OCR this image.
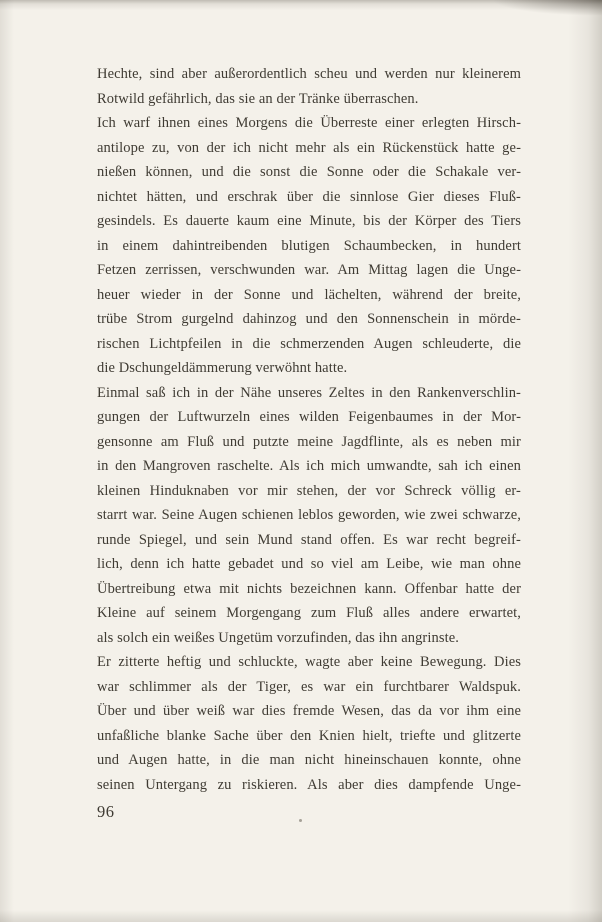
Hechte, sind aber außerordentlich scheu und werden nur kleinerem
Rotwild gefährlich, das sie an der Tränke überraschen.
Ich warf ihnen eines Morgens die Überreste einer erlegten Hirsch-
antilope zu, von der ich nicht mehr als ein Rückenstück hatte ge-
nießen können, und die sonst die Sonne oder die Schakale ver-
nichtet hätten, und erschrak über die sinnlose Gier dieses Fluß-
gesindels. Es dauerte kaum eine Minute, bis der Körper des Tiers
in einem dahintreibenden blutigen Schaumbecken, in hundert
Fetzen zerrissen, verschwunden war. Am Mittag lagen die Unge-
heuer wieder in der Sonne und lächelten, während der breite,
trübe Strom gurgelnd dahinzog und den Sonnenschein in mörde-
rischen Lichtpfeilen in die schmerzenden Augen schleuderte, die
die Dschungeldämmerung verwöhnt hatte.
Einmal saß ich in der Nähe unseres Zeltes in den Rankenverschlin-
gungen der Luftwurzeln eines wilden Feigenbaumes in der Mor-
gensonne am Fluß und putzte meine Jagdflinte, als es neben mir
in den Mangroven raschelte. Als ich mich umwandte, sah ich einen
kleinen Hinduknaben vor mir stehen, der vor Schreck völlig er-
starrt war. Seine Augen schienen leblos geworden, wie zwei schwarze,
runde Spiegel, und sein Mund stand offen. Es war recht begreif-
lich, denn ich hatte gebadet und so viel am Leibe, wie man ohne
Übertreibung etwa mit nichts bezeichnen kann. Offenbar hatte der
Kleine auf seinem Morgengang zum Fluß alles andere erwartet,
als solch ein weißes Ungetüm vorzufinden, das ihn angrinste.
Er zitterte heftig und schluckte, wagte aber keine Bewegung. Dies
war schlimmer als der Tiger, es war ein furchtbarer Waldspuk.
Über und über weiß war dies fremde Wesen, das da vor ihm eine
unfaßliche blanke Sache über den Knien hielt, triefte und glitzerte
und Augen hatte, in die man nicht hineinschauen konnte, ohne
seinen Untergang zu riskieren. Als aber dies dampfende Unge-
96
